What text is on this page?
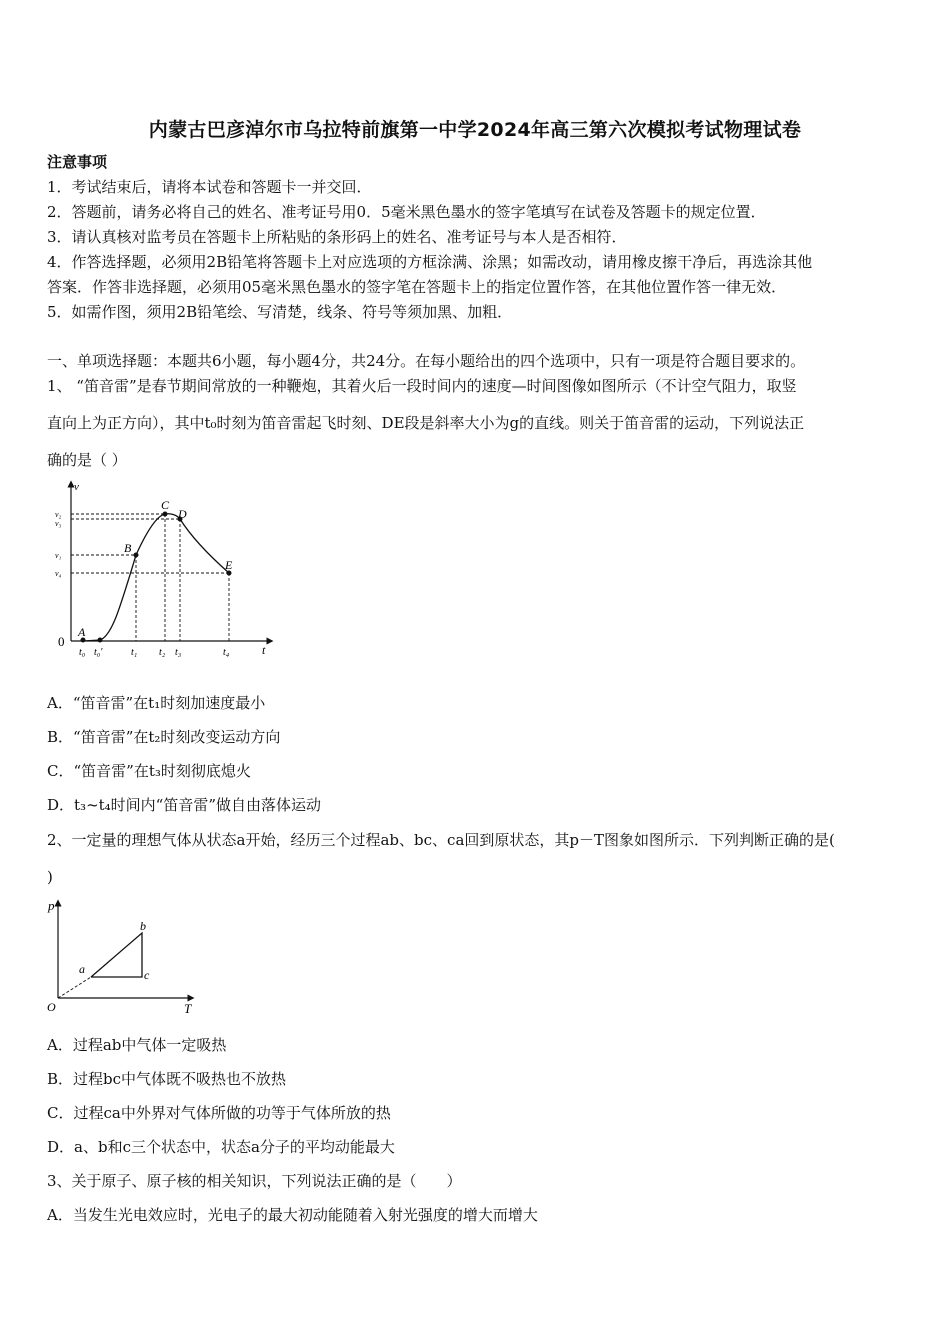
内蒙古巴彦淖尔市乌拉特前旗第一中学2024年高三第六次模拟考试物理试卷
注意事项
1．考试结束后，请将本试卷和答题卡一并交回．
2．答题前，请务必将自己的姓名、准考证号用0．5毫米黑色墨水的签字笔填写在试卷及答题卡的规定位置．
3．请认真核对监考员在答题卡上所粘贴的条形码上的姓名、准考证号与本人是否相符．
4．作答选择题，必须用2B铅笔将答题卡上对应选项的方框涂满、涂黑；如需改动，请用橡皮擦干净后，再选涂其他
答案．作答非选择题，必须用05毫米黑色墨水的签字笔在答题卡上的指定位置作答，在其他位置作答一律无效．
5．如需作图，须用2B铅笔绘、写清楚，线条、符号等须加黑、加粗．
一、单项选择题：本题共6小题，每小题4分，共24分。在每小题给出的四个选项中，只有一项是符合题目要求的。
1、 “笛音雷”是春节期间常放的一种鞭炮，其着火后一段时间内的速度—时间图像如图所示（不计空气阻力，取竖
直向上为正方向），其中t₀时刻为笛音雷起飞时刻、DE段是斜率大小为g的直线。则关于笛音雷的运动，下列说法正
确的是（ ）
v
t
0
v₂
v₃
v₁
v₄
t₀ t₀'	t₁ t₂ t₃	t₄
A
B
C
D
E
A．“笛音雷”在t₁时刻加速度最小
B．“笛音雷”在t₂时刻改变运动方向
C．“笛音雷”在t₃时刻彻底熄火
D．t₃~t₄时间内“笛音雷”做自由落体运动
2、一定量的理想气体从状态a开始，经历三个过程ab、bc、ca回到原状态，其p－T图象如图所示．下列判断正确的是(
)
p
T
O
a
b
c
A．过程ab中气体一定吸热
B．过程bc中气体既不吸热也不放热
C．过程ca中外界对气体所做的功等于气体所放的热
D．a、b和c三个状态中，状态a分子的平均动能最大
3、关于原子、原子核的相关知识，下列说法正确的是（　　）
A．当发生光电效应时，光电子的最大初动能随着入射光强度的增大而增大
